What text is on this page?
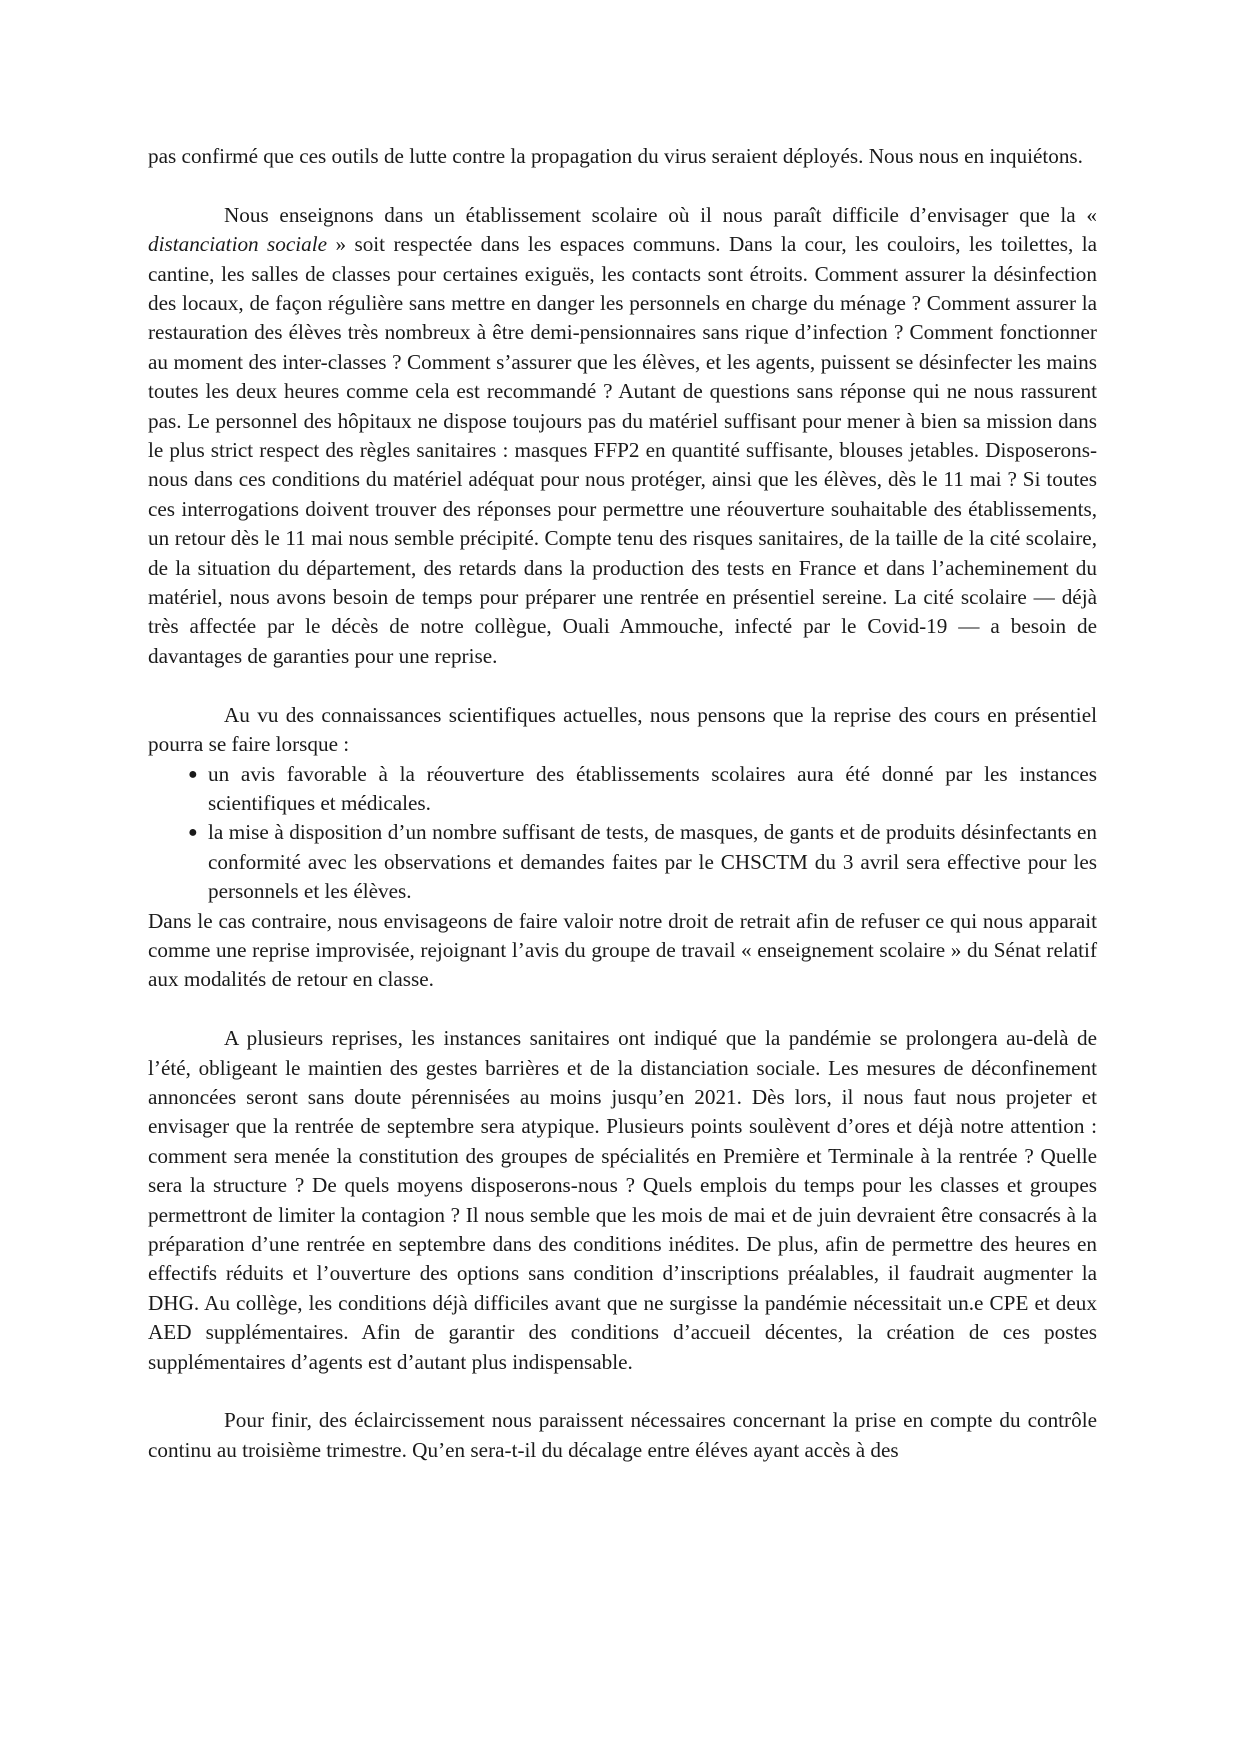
pas confirmé que ces outils de lutte contre la propagation du virus seraient déployés. Nous nous en inquiétons.

Nous enseignons dans un établissement scolaire où il nous paraît difficile d’envisager que la « distanciation sociale » soit respectée dans les espaces communs. Dans la cour, les couloirs, les toilettes, la cantine, les salles de classes pour certaines exiguës, les contacts sont étroits. Comment assurer la désinfection des locaux, de façon régulière sans mettre en danger les personnels en charge du ménage ? Comment assurer la restauration des élèves très nombreux à être demi-pensionnaires sans rique d’infection ? Comment fonctionner au moment des inter-classes ? Comment s’assurer que les élèves, et les agents, puissent se désinfecter les mains toutes les deux heures comme cela est recommandé ? Autant de questions sans réponse qui ne nous rassurent pas. Le personnel des hôpitaux ne dispose toujours pas du matériel suffisant pour mener à bien sa mission dans le plus strict respect des règles sanitaires : masques FFP2 en quantité suffisante, blouses jetables. Disposerons-nous dans ces conditions du matériel adéquat pour nous protéger, ainsi que les élèves, dès le 11 mai ? Si toutes ces interrogations doivent trouver des réponses pour permettre une réouverture souhaitable des établissements, un retour dès le 11 mai nous semble précipité. Compte tenu des risques sanitaires, de la taille de la cité scolaire, de la situation du département, des retards dans la production des tests en France et dans l’acheminement du matériel, nous avons besoin de temps pour préparer une rentrée en présentiel sereine. La cité scolaire — déjà très affectée par le décès de notre collègue, Ouali Ammouche, infecté par le Covid-19 — a besoin de davantages de garanties pour une reprise.

Au vu des connaissances scientifiques actuelles, nous pensons que la reprise des cours en présentiel pourra se faire lorsque :

● un avis favorable à la réouverture des établissements scolaires aura été donné par les instances scientifiques et médicales.
● la mise à disposition d’un nombre suffisant de tests, de masques, de gants et de produits désinfectants en conformité avec les observations et demandes faites par le CHSCTM du 3 avril sera effective pour les personnels et les élèves.

Dans le cas contraire, nous envisageons de faire valoir notre droit de retrait afin de refuser ce qui nous apparait comme une reprise improvisée, rejoignant l’avis du groupe de travail « enseignement scolaire » du Sénat relatif aux modalités de retour en classe.

A plusieurs reprises, les instances sanitaires ont indiqué que la pandémie se prolongera au-delà de l’été, obligeant le maintien des gestes barrières et de la distanciation sociale. Les mesures de déconfinement annoncées seront sans doute pérennisées au moins jusqu’en 2021. Dès lors, il nous faut nous projeter et envisager que la rentrée de septembre sera atypique. Plusieurs points soulèvent d’ores et déjà notre attention : comment sera menée la constitution des groupes de spécialités en Première et Terminale à la rentrée ? Quelle sera la structure ? De quels moyens disposerons-nous ? Quels emplois du temps pour les classes et groupes permettront de limiter la contagion ? Il nous semble que les mois de mai et de juin devraient être consacrés à la préparation d’une rentrée en septembre dans des conditions inédites. De plus, afin de permettre des heures en effectifs réduits et l’ouverture des options sans condition d’inscriptions préalables, il faudrait augmenter la DHG. Au collège, les conditions déjà difficiles avant que ne surgisse la pandémie nécessitait un.e CPE et deux AED supplémentaires. Afin de garantir des conditions d’accueil décentes, la création de ces postes supplémentaires d’agents est d’autant plus indispensable.

Pour finir, des éclaircissement nous paraissent nécessaires concernant la prise en compte du contrôle continu au troisième trimestre. Qu’en sera-t-il du décalage entre éléves ayant accès à des
